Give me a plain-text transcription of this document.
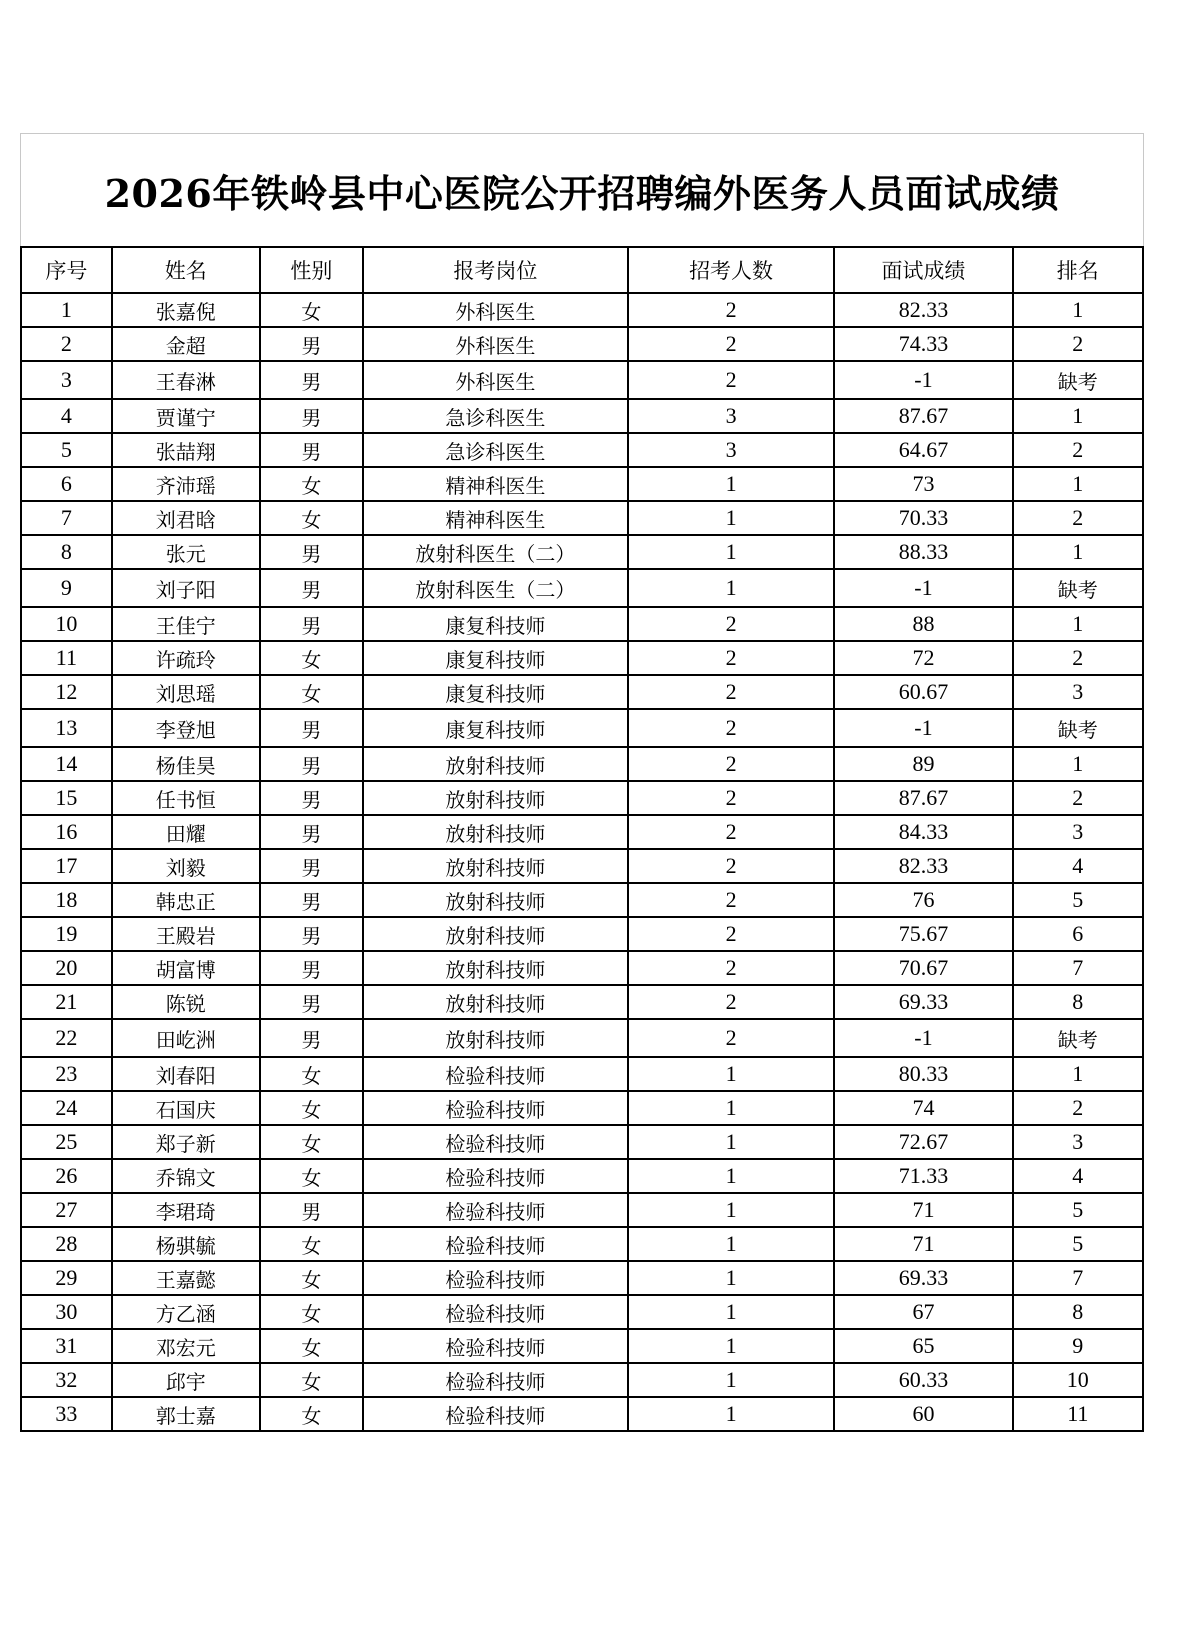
2026年铁岭县中心医院公开招聘编外医务人员面试成绩
序号	姓名	性别	报考岗位	招考人数	面试成绩	排名
1	张嘉倪	女	外科医生	2	82.33	1
2	金超	男	外科医生	2	74.33	2
3	王春淋	男	外科医生	2	-1	缺考
4	贾谨宁	男	急诊科医生	3	87.67	1
5	张喆翔	男	急诊科医生	3	64.67	2
6	齐沛瑶	女	精神科医生	1	73	1
7	刘君晗	女	精神科医生	1	70.33	2
8	张元	男	放射科医生（二）	1	88.33	1
9	刘子阳	男	放射科医生（二）	1	-1	缺考
10	王佳宁	男	康复科技师	2	88	1
11	许疏玲	女	康复科技师	2	72	2
12	刘思瑶	女	康复科技师	2	60.67	3
13	李登旭	男	康复科技师	2	-1	缺考
14	杨佳昊	男	放射科技师	2	89	1
15	任书恒	男	放射科技师	2	87.67	2
16	田耀	男	放射科技师	2	84.33	3
17	刘毅	男	放射科技师	2	82.33	4
18	韩忠正	男	放射科技师	2	76	5
19	王殿岩	男	放射科技师	2	75.67	6
20	胡富博	男	放射科技师	2	70.67	7
21	陈锐	男	放射科技师	2	69.33	8
22	田屹洲	男	放射科技师	2	-1	缺考
23	刘春阳	女	检验科技师	1	80.33	1
24	石国庆	女	检验科技师	1	74	2
25	郑子新	女	检验科技师	1	72.67	3
26	乔锦文	女	检验科技师	1	71.33	4
27	李珺琦	男	检验科技师	1	71	5
28	杨骐毓	女	检验科技师	1	71	5
29	王嘉懿	女	检验科技师	1	69.33	7
30	方乙涵	女	检验科技师	1	67	8
31	邓宏元	女	检验科技师	1	65	9
32	邱宇	女	检验科技师	1	60.33	10
33	郭士嘉	女	检验科技师	1	60	11
